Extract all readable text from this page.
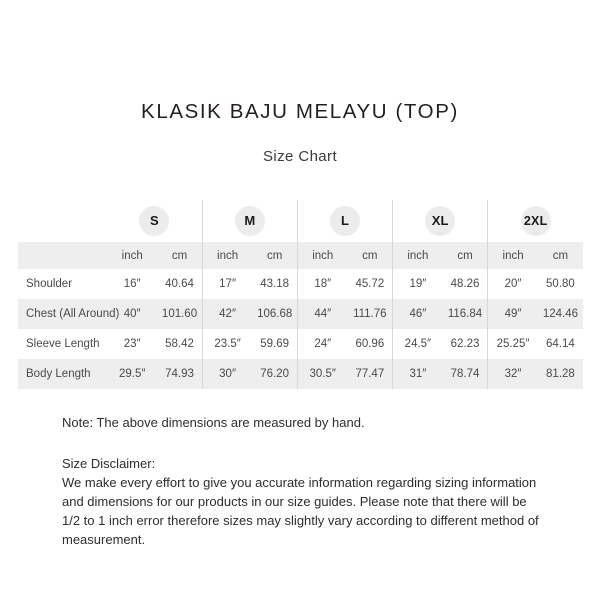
KLASIK BAJU MELAYU (TOP)
Size Chart
	S		M		L		XL		2XL	
	inch	cm	inch	cm	inch	cm	inch	cm	inch	cm
Shoulder	16″	40.64	17″	43.18	18″	45.72	19″	48.26	20″	50.80
Chest (All Around)	40″	101.60	42″	106.68	44″	111.76	46″	116.84	49″	124.46
Sleeve Length	23″	58.42	23.5″	59.69	24″	60.96	24.5″	62.23	25.25″	64.14
Body Length	29.5″	74.93	30″	76.20	30.5″	77.47	31″	78.74	32″	81.28

Note: The above dimensions are measured by hand.

Size Disclaimer:

We make every effort to give you accurate information regarding sizing information and dimensions for our products in our size guides. Please note that there will be 1/2 to 1 inch error therefore sizes may slightly vary according to different method of measurement.
